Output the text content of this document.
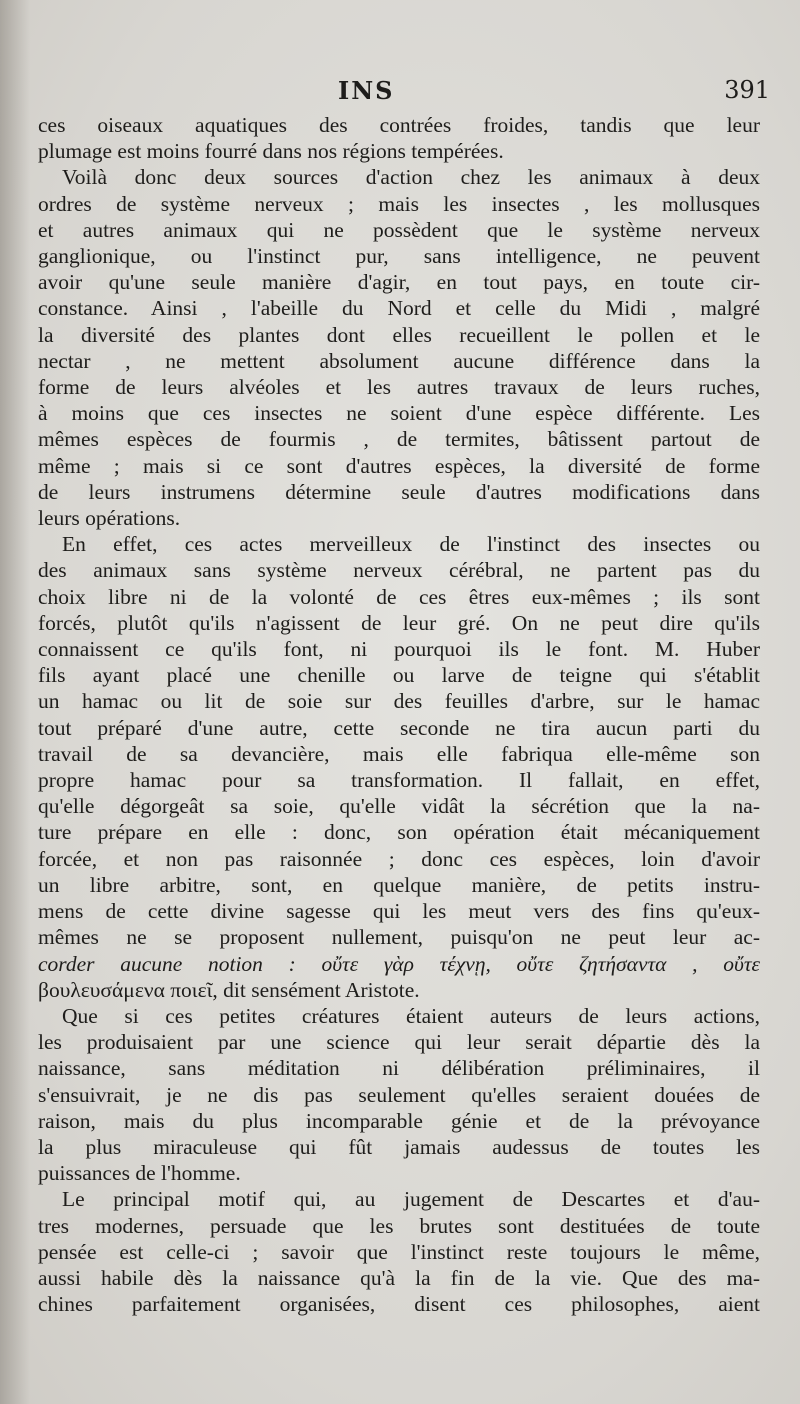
INS	391
ces oiseaux aquatiques des contrées froides, tandis que leur
plumage est moins fourré dans nos régions tempérées.
Voilà donc deux sources d'action chez les animaux à deux
ordres de système nerveux ; mais les insectes , les mollusques
et autres animaux qui ne possèdent que le système nerveux
ganglionique, ou l'instinct pur, sans intelligence, ne peuvent
avoir qu'une seule manière d'agir, en tout pays, en toute cir-
constance. Ainsi , l'abeille du Nord et celle du Midi , malgré
la diversité des plantes dont elles recueillent le pollen et le
nectar , ne mettent absolument aucune différence dans la
forme de leurs alvéoles et les autres travaux de leurs ruches,
à moins que ces insectes ne soient d'une espèce différente. Les
mêmes espèces de fourmis , de termites, bâtissent partout de
même ; mais si ce sont d'autres espèces, la diversité de forme
de leurs instrumens détermine seule d'autres modifications dans
leurs opérations.
En effet, ces actes merveilleux de l'instinct des insectes ou
des animaux sans système nerveux cérébral, ne partent pas du
choix libre ni de la volonté de ces êtres eux-mêmes ; ils sont
forcés, plutôt qu'ils n'agissent de leur gré. On ne peut dire qu'ils
connaissent ce qu'ils font, ni pourquoi ils le font. M. Huber
fils ayant placé une chenille ou larve de teigne qui s'établit
un hamac ou lit de soie sur des feuilles d'arbre, sur le hamac
tout préparé d'une autre, cette seconde ne tira aucun parti du
travail de sa devancière, mais elle fabriqua elle-même son
propre hamac pour sa transformation. Il fallait, en effet,
qu'elle dégorgeât sa soie, qu'elle vidât la sécrétion que la na-
ture prépare en elle : donc, son opération était mécaniquement
forcée, et non pas raisonnée ; donc ces espèces, loin d'avoir
un libre arbitre, sont, en quelque manière, de petits instru-
mens de cette divine sagesse qui les meut vers des fins qu'eux-
mêmes ne se proposent nullement, puisqu'on ne peut leur ac-
corder aucune notion : οὔτε γὰρ τέχνῃ, οὔτε ζητήσαντα , οὔτε
βουλευσάμενα ποιεῖ, dit sensément Aristote.
Que si ces petites créatures étaient auteurs de leurs actions,
les produisaient par une science qui leur serait départie dès la
naissance, sans méditation ni délibération préliminaires, il
s'ensuivrait, je ne dis pas seulement qu'elles seraient douées de
raison, mais du plus incomparable génie et de la prévoyance
la plus miraculeuse qui fût jamais audessus de toutes les
puissances de l'homme.
Le principal motif qui, au jugement de Descartes et d'au-
tres modernes, persuade que les brutes sont destituées de toute
pensée est celle-ci ; savoir que l'instinct reste toujours le même,
aussi habile dès la naissance qu'à la fin de la vie. Que des ma-
chines parfaitement organisées, disent ces philosophes, aient
